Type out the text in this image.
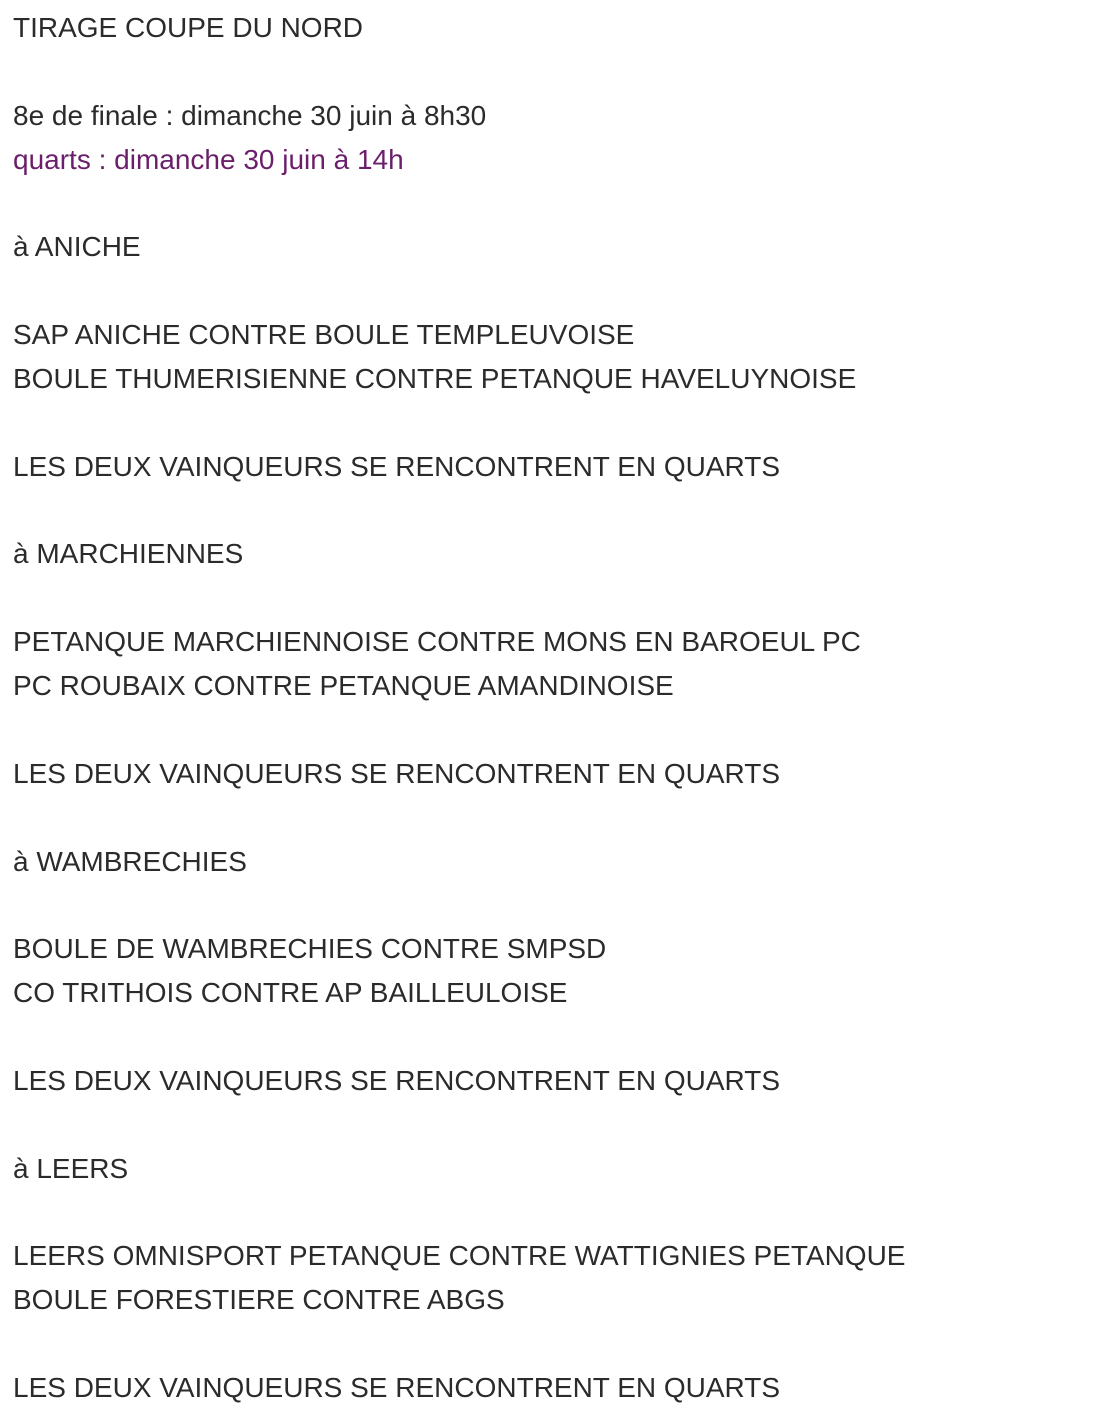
TIRAGE COUPE DU NORD
8e de finale : dimanche 30 juin à 8h30
quarts : dimanche 30 juin à 14h
à ANICHE
SAP ANICHE CONTRE BOULE TEMPLEUVOISE
BOULE THUMERISIENNE CONTRE PETANQUE HAVELUYNOISE
LES DEUX VAINQUEURS SE RENCONTRENT EN QUARTS
à MARCHIENNES
PETANQUE MARCHIENNOISE CONTRE MONS EN BAROEUL PC
PC ROUBAIX CONTRE PETANQUE AMANDINOISE
LES DEUX VAINQUEURS SE RENCONTRENT EN QUARTS
à WAMBRECHIES
BOULE DE WAMBRECHIES CONTRE SMPSD
CO TRITHOIS CONTRE AP BAILLEULOISE
LES DEUX VAINQUEURS SE RENCONTRENT EN QUARTS
à LEERS
LEERS OMNISPORT PETANQUE CONTRE WATTIGNIES PETANQUE
BOULE FORESTIERE CONTRE ABGS
LES DEUX VAINQUEURS SE RENCONTRENT EN QUARTS
